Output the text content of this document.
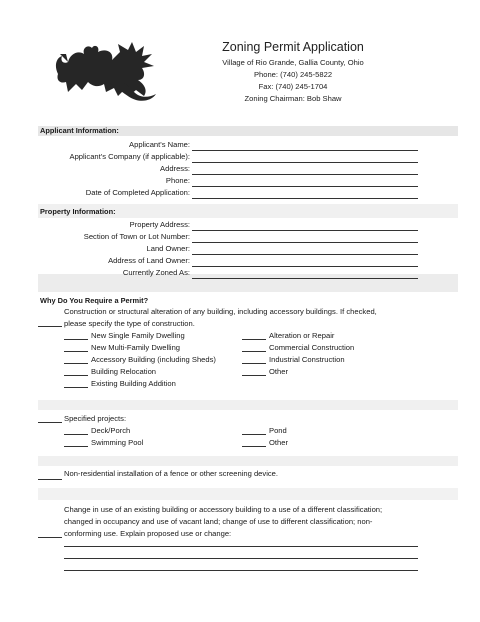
Zoning Permit Application
Village of Rio Grande, Gallia County, Ohio
Phone: (740) 245-5822
Fax: (740) 245-1704
Zoning Chairman: Bob Shaw
Applicant Information:
Applicant's Name:
Applicant's Company (if applicable):
Address:
Phone:
Date of Completed Application:
Property Information:
Property Address:
Section of Town or Lot Number:
Land Owner:
Address of Land Owner:
Currently Zoned As:
Why Do You Require a Permit?
Construction or structural alteration of any building, including accessory buildings. If checked,
please specify the type of construction.
New Single Family Dwelling
New Multi-Family Dwelling
Accessory Building (including Sheds)
Building Relocation
Existing Building Addition
Alteration or Repair
Commercial Construction
Industrial Construction
Other
Specified projects:
Deck/Porch
Swimming Pool
Pond
Other
Non-residential installation of a fence or other screening device.
Change in use of an existing building or accessory building to a use of a different classification;
changed in occupancy and use of vacant land; change of use to different classification; non-
conforming use. Explain proposed use or change:
